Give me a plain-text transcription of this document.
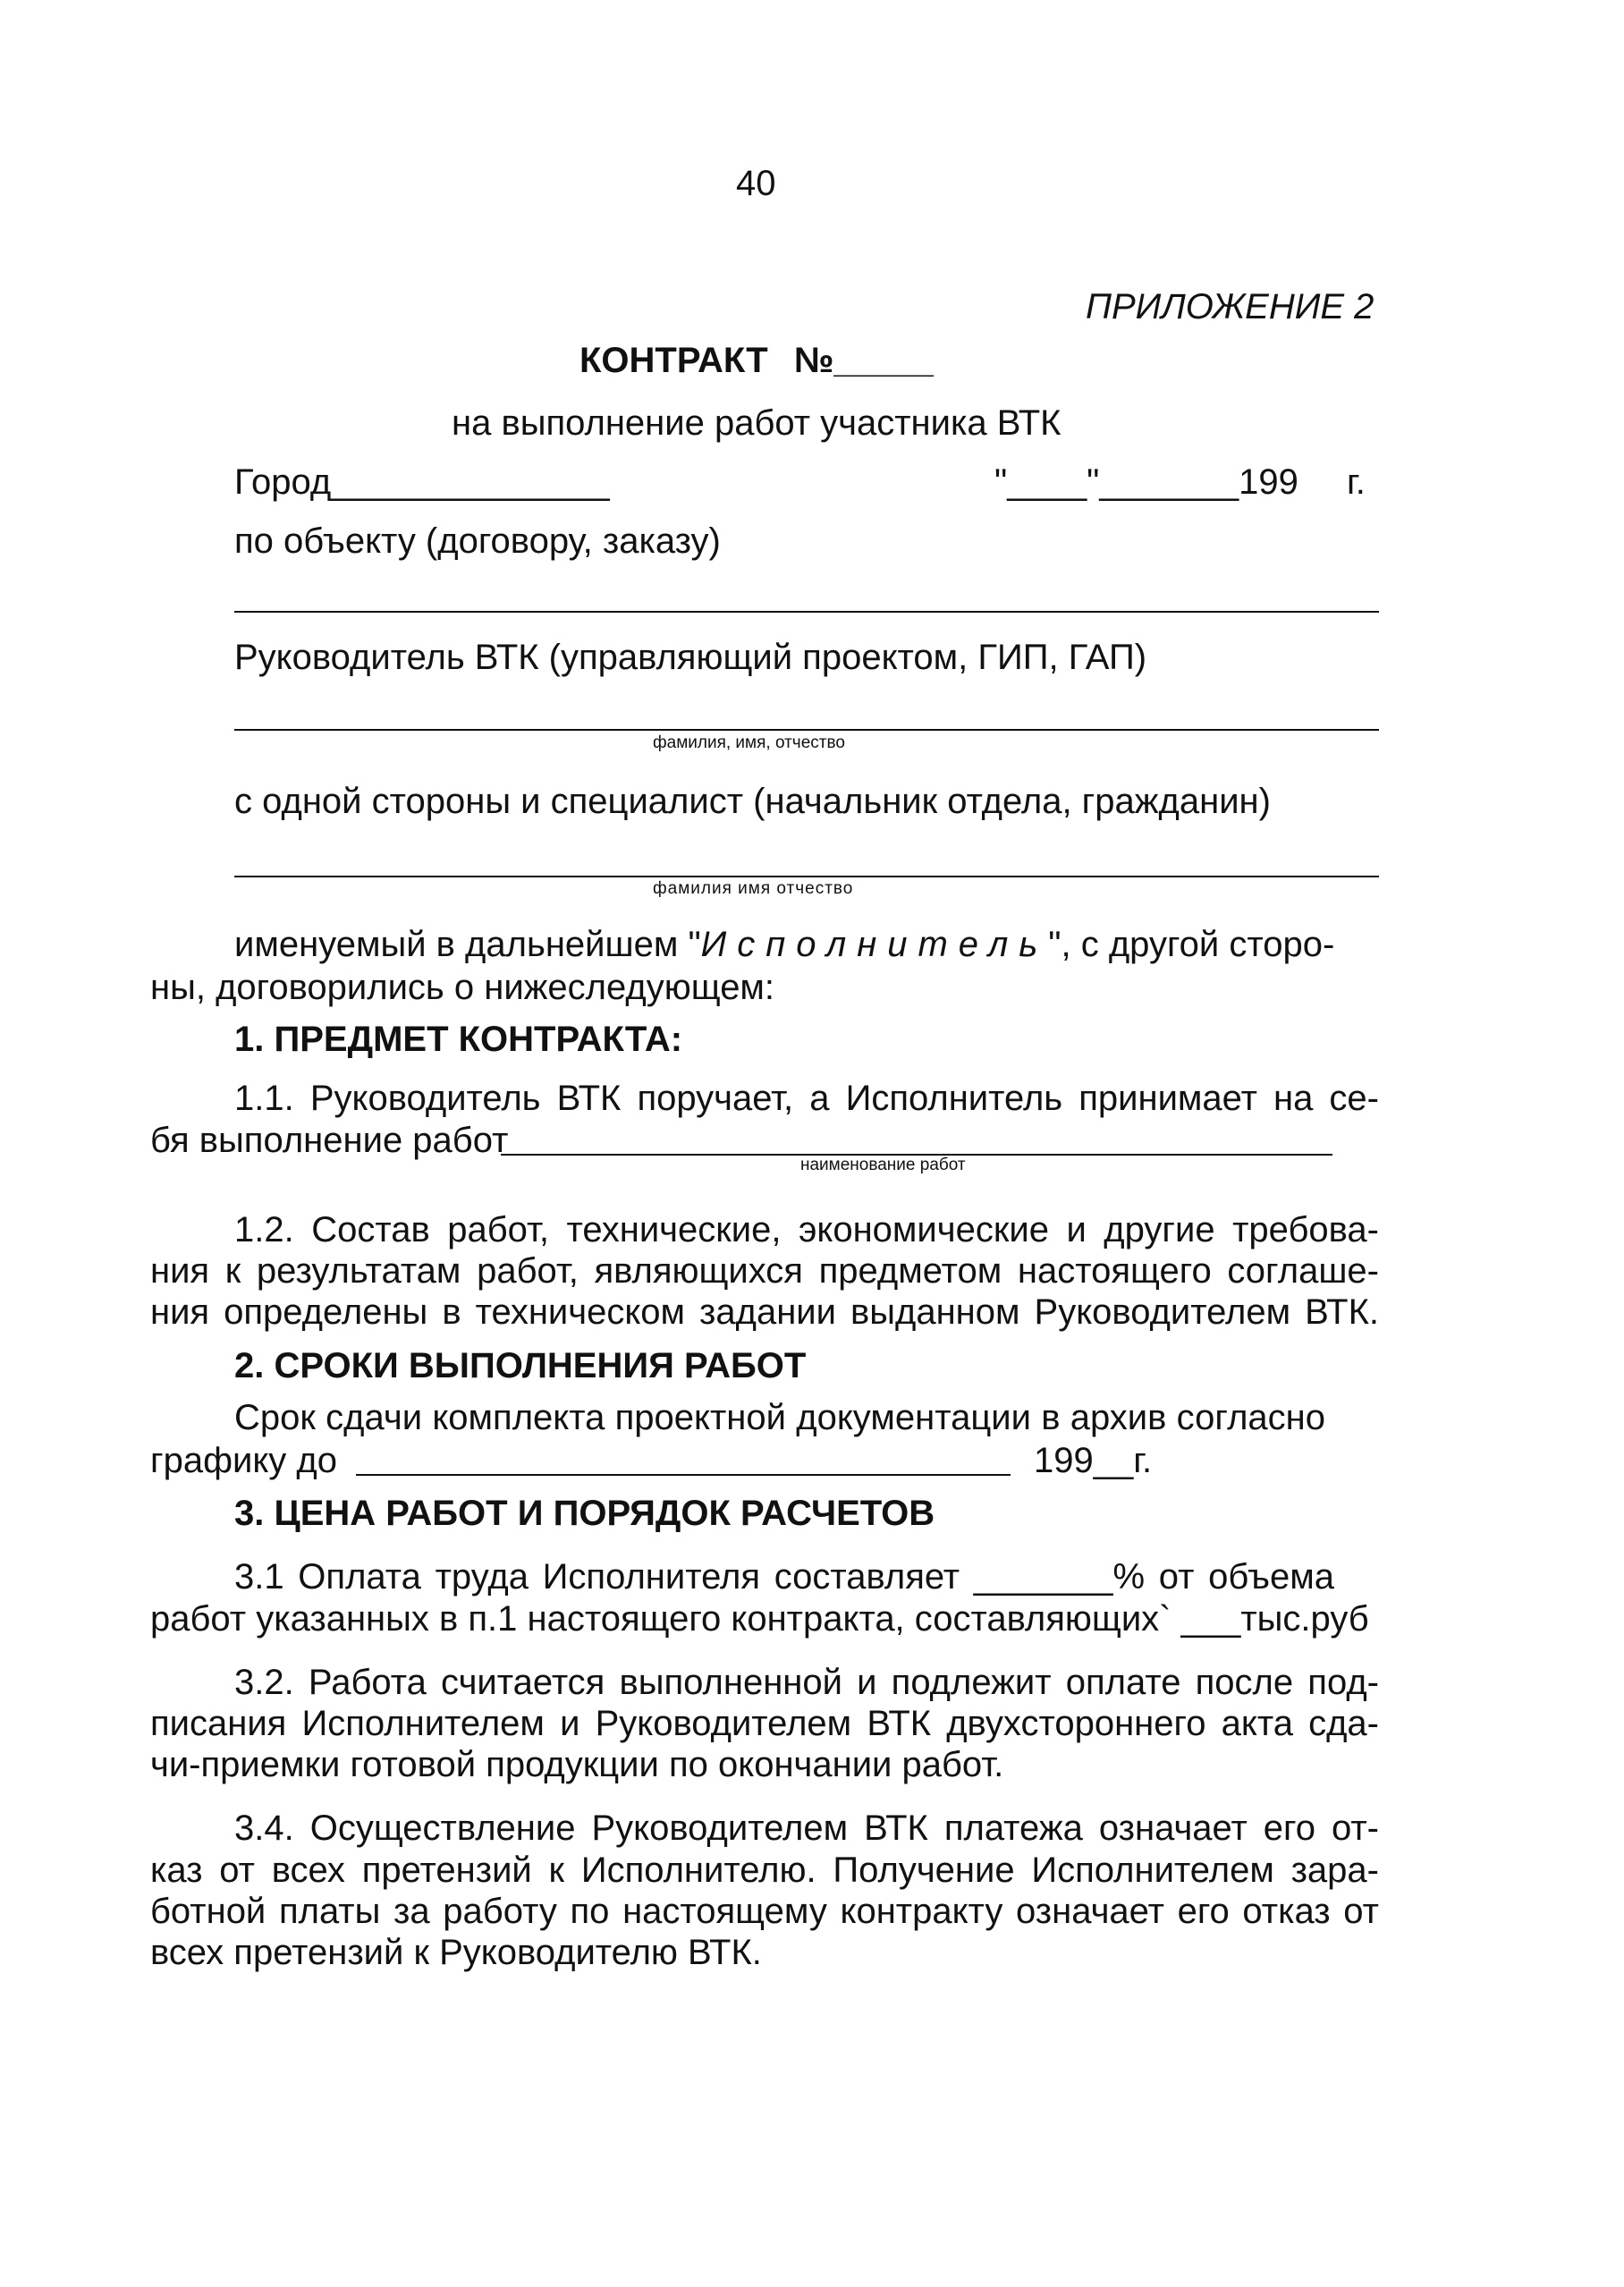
40
ПРИЛОЖЕНИЕ 2
КОНТРАКТ №_____
на выполнение работ участника ВТК
Город______________	"____"_______199 г.
по объекту (договору, заказу)
Руководитель ВТК (управляющий проектом, ГИП, ГАП)
фамилия, имя, отчество
с одной стороны и специалист (начальник отдела, гражданин)
фамилия имя отчество
именуемый в дальнейшем "Исполнитель", с другой сторо-
ны, договорились о нижеследующем:
1. ПРЕДМЕТ КОНТРАКТА:
1.1. Руководитель ВТК поручает, а Исполнитель принимает на се-
бя выполнение работ
наименование работ
1.2. Состав работ, технические, экономические и другие требова-
ния к результатам работ, являющихся предметом настоящего соглаше-
ния определены в техническом задании выданном Руководителем ВТК.
2. СРОКИ ВЫПОЛНЕНИЯ РАБОТ
Срок сдачи комплекта проектной документации в архив согласно
графику до	199__г.
3. ЦЕНА РАБОТ И ПОРЯДОК РАСЧЕТОВ
3.1 Оплата труда Исполнителя составляет _______% от объема
работ указанных в п.1 настоящего контракта, составляющих` ___тыс.руб
3.2. Работа считается выполненной и подлежит оплате после под-
писания Исполнителем и Руководителем ВТК двухстороннего акта сда-
чи-приемки готовой продукции по окончании работ.
3.4. Осуществление Руководителем ВТК платежа означает его от-
каз от всех претензий к Исполнителю. Получение Исполнителем зара-
ботной платы за работу по настоящему контракту означает его отказ от
всех претензий к Руководителю ВТК.
